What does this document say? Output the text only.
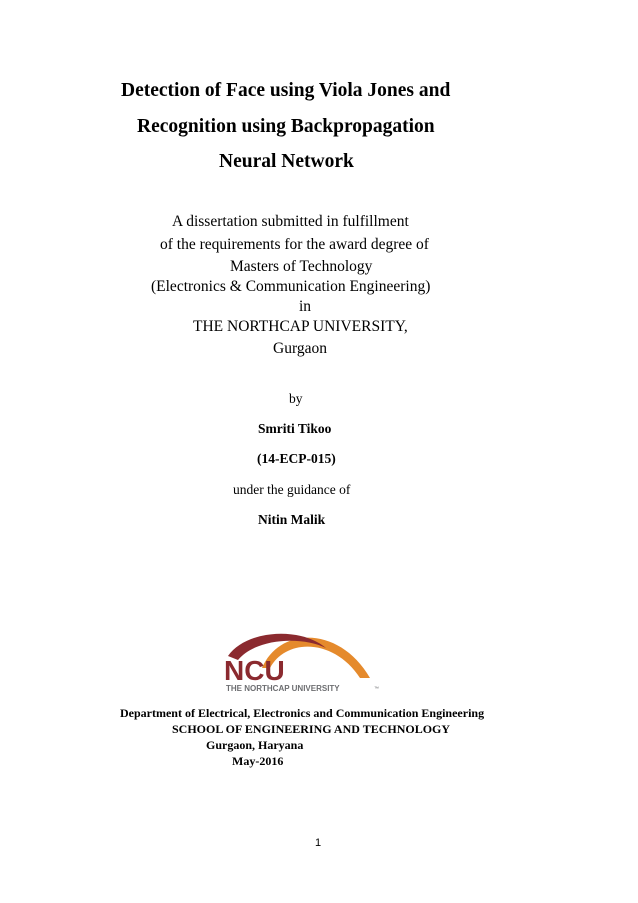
Detection of Face using Viola Jones and
Recognition using Backpropagation
Neural Network
A dissertation submitted in fulfillment
of the requirements for the award degree of
Masters of Technology
(Electronics & Communication Engineering)
in
THE NORTHCAP UNIVERSITY,
Gurgaon
by
Smriti Tikoo
(14-ECP-015)
under the guidance of
Nitin Malik
NCU
THE NORTHCAP UNIVERSITY	™
Department of Electrical, Electronics and Communication Engineering
SCHOOL OF ENGINEERING AND TECHNOLOGY
Gurgaon, Haryana
May-2016
1
